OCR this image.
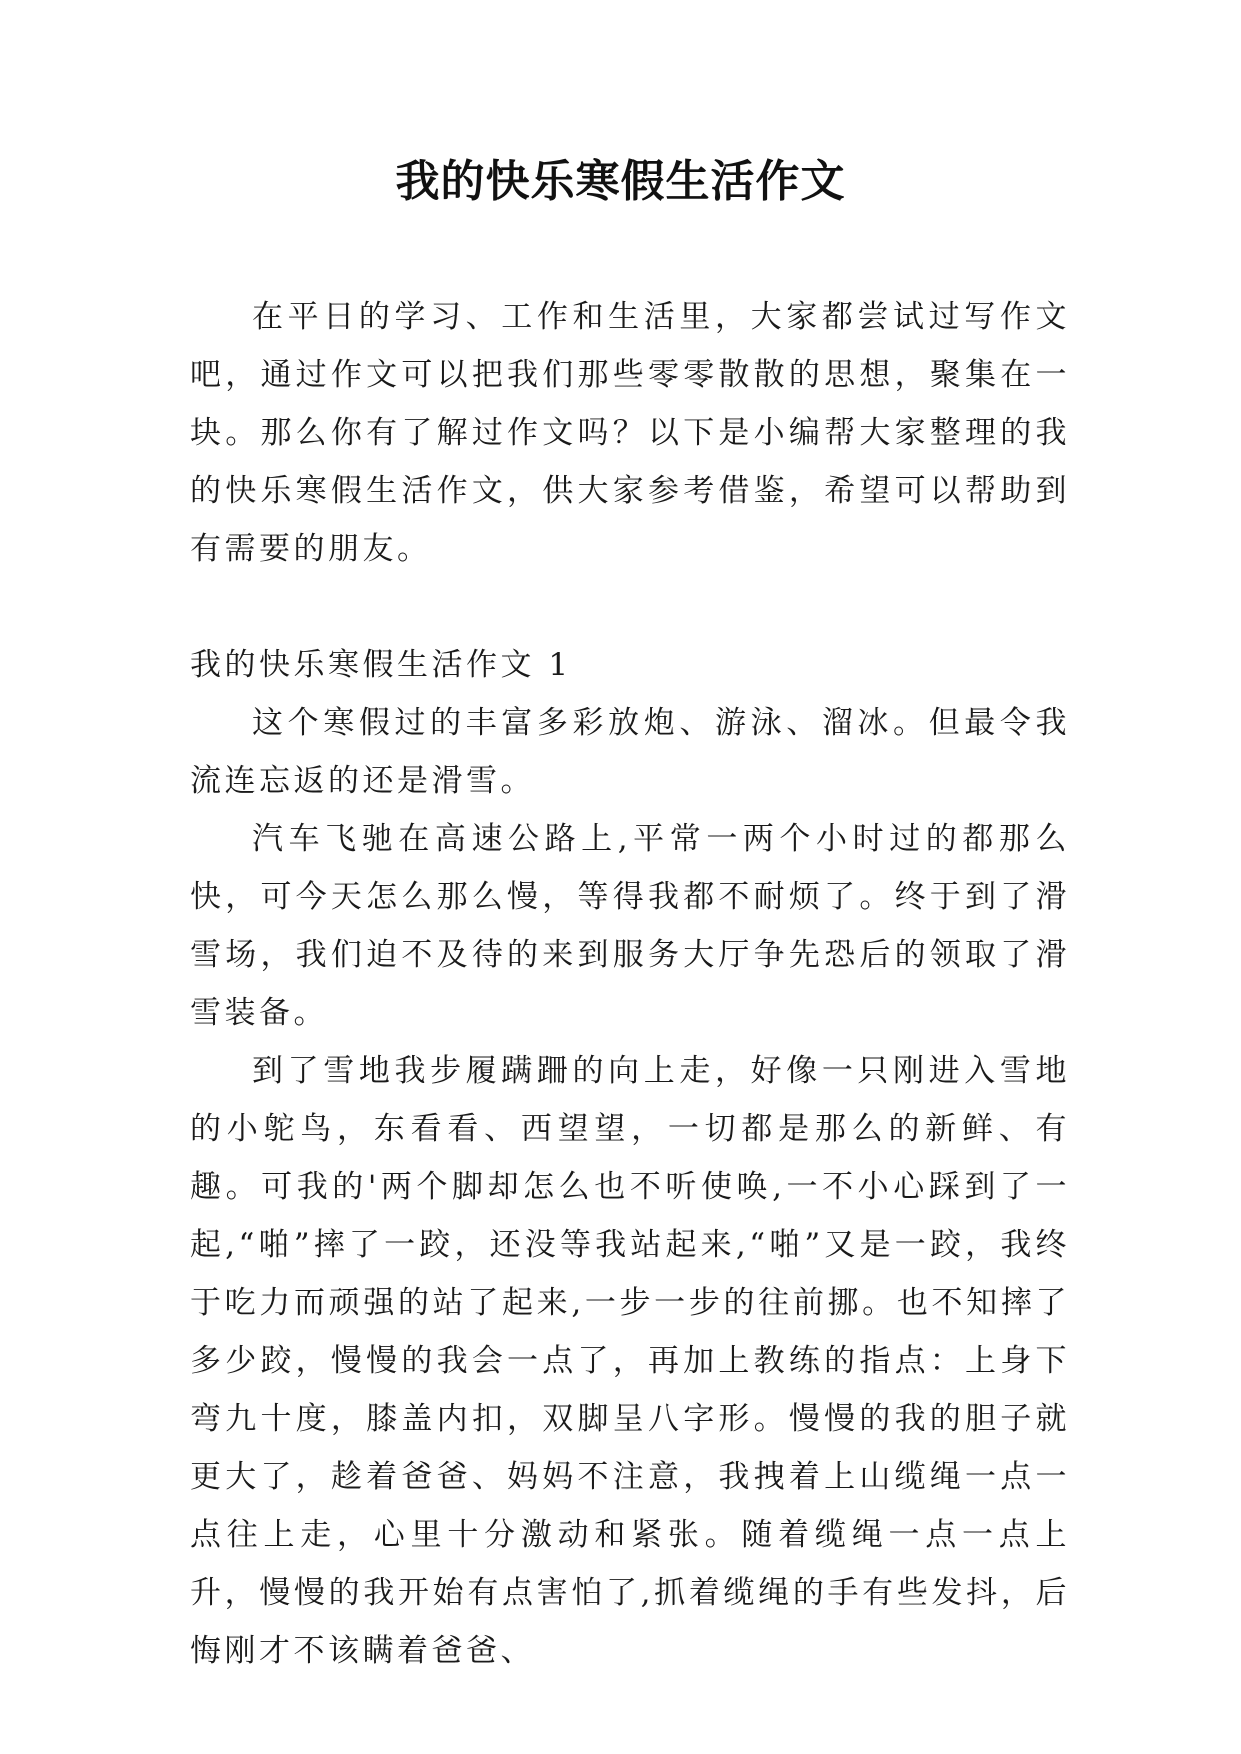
我的快乐寒假生活作文

在平日的学习、工作和生活里，大家都尝试过写作文吧，通过作文可以把我们那些零零散散的思想，聚集在一块。那么你有了解过作文吗？以下是小编帮大家整理的我的快乐寒假生活作文，供大家参考借鉴，希望可以帮助到有需要的朋友。

我的快乐寒假生活作文 1

这个寒假过的丰富多彩放炮、游泳、溜冰。但最令我流连忘返的还是滑雪。

汽车飞驰在高速公路上,平常一两个小时过的都那么快，可今天怎么那么慢，等得我都不耐烦了。终于到了滑雪场，我们迫不及待的来到服务大厅争先恐后的领取了滑雪装备。

到了雪地我步履蹒跚的向上走，好像一只刚进入雪地的小鸵鸟，东看看、西望望，一切都是那么的新鲜、有趣。可我的'两个脚却怎么也不听使唤,一不小心踩到了一起,“啪”摔了一跤，还没等我站起来,“啪”又是一跤，我终于吃力而顽强的站了起来,一步一步的往前挪。也不知摔了多少跤，慢慢的我会一点了，再加上教练的指点：上身下弯九十度，膝盖内扣，双脚呈八字形。慢慢的我的胆子就更大了，趁着爸爸、妈妈不注意，我拽着上山缆绳一点一点往上走，心里十分激动和紧张。随着缆绳一点一点上升，慢慢的我开始有点害怕了,抓着缆绳的手有些发抖，后悔刚才不该瞒着爸爸、
